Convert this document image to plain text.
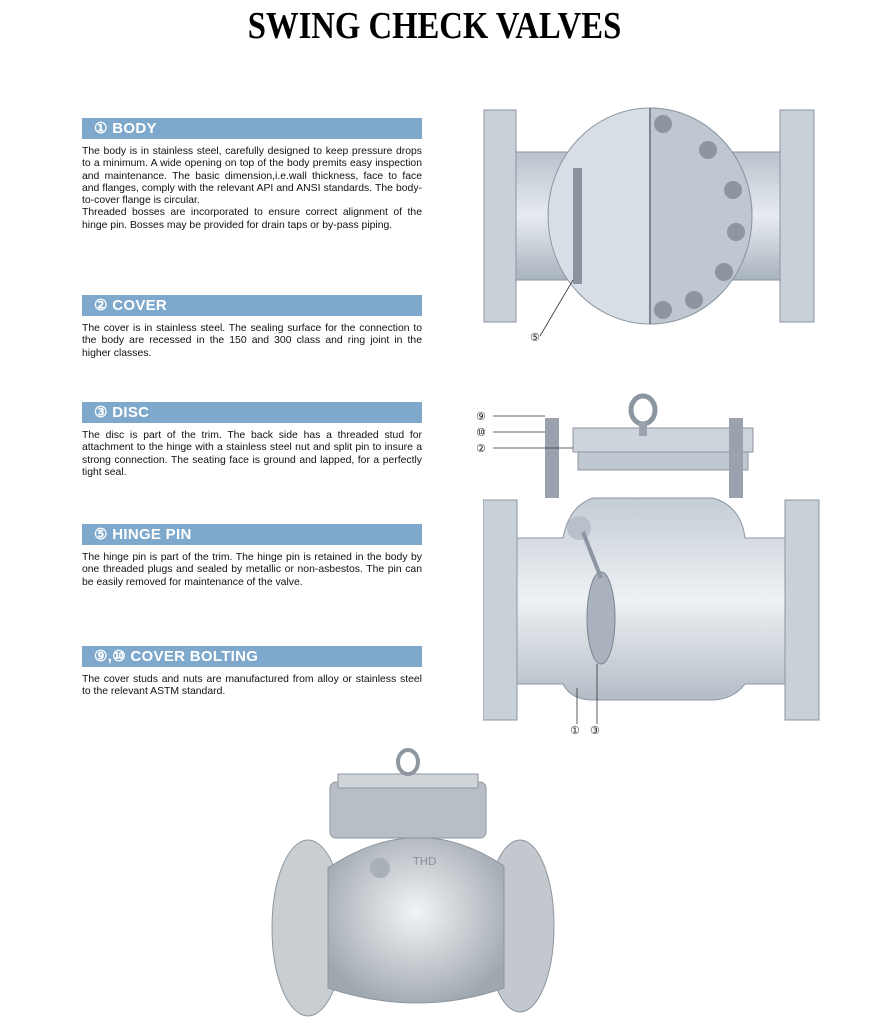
SWING CHECK VALVES
① BODY

The body is in stainless steel, carefully designed to keep pressure drops to a minimum. A wide opening on top of the body premits easy inspection and maintenance. The basic dimension,i.e.wall thickness, face to face and flanges, comply with the relevant API and ANSI standards. The body-to-cover flange is circular.

Threaded bosses are incorporated to ensure correct alignment of the hinge pin. Bosses may be provided for drain taps or by-pass piping.

② COVER

The cover is in stainless steel. The sealing surface for the connection to the body are recessed in the 150 and 300 class and ring joint in the higher classes.

③ DISC

The disc is part of the trim. The back side has a threaded stud for attachment to the hinge with a stainless steel nut and split pin to insure a strong connection. The seating face is ground and lapped, for a perfectly tight seal.

⑤ HINGE PIN

The hinge pin is part of the trim. The hinge pin is retained in the body by one threaded plugs and sealed by metallic or non-asbestos. The pin can be easily removed for maintenance of the valve.

⑨,⑩ COVER BOLTING

The cover studs and nuts are manufactured from alloy or stainless steel to the relevant ASTM standard.

⑤
⑨
⑩
②
① ③
THD
